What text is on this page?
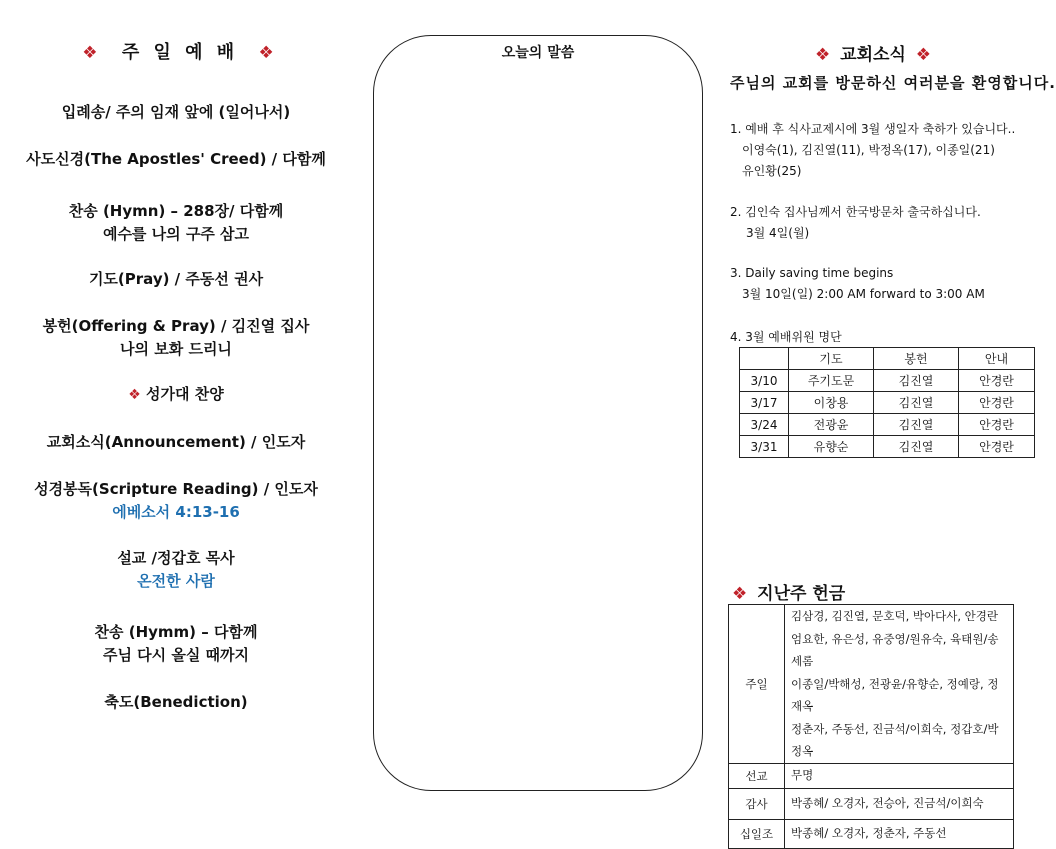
❖ 주 일 예 배 ❖
입례송/ 주의 임재 앞에 (일어나서)
사도신경(The Apostles' Creed) / 다함께
찬송 (Hymn) – 288장/ 다함께
예수를 나의 구주 삼고
기도(Pray) / 주동선 권사
봉헌(Offering & Pray) / 김진열 집사
나의 보화 드리니
❖ 성가대 찬양
교회소식(Announcement) / 인도자
성경봉독(Scripture Reading) / 인도자
에베소서 4:13-16
설교 /정갑호 목사
온전한 사람
찬송 (Hymm) – 다함께
주님 다시 올실 때까지
축도(Benediction)
오늘의 말씀	❖ 교회소식 ❖
주님의 교회를 방문하신 여러분을 환영합니다.
1. 예배 후 식사교제시에 3월 생일자 축하가 있습니다..
이영숙(1), 김진열(11), 박정옥(17), 이종일(21)
유인황(25)
2. 김인숙 집사님께서 한국방문차 출국하십니다.
3월 4일(월)
3. Daily saving time begins
3월 10일(일) 2:00 AM forward to 3:00 AM
4. 3월 예배위원 명단
	기도	봉헌	안내
3/10	주기도문	김진열	안경란
3/17	이창용	김진열	안경란
3/24	전광윤	김진열	안경란
3/31	유향순	김진열	안경란
❖ 지난주 헌금
주일	김삼경, 김진열, 문호덕, 박아다사, 안경란
엄요한, 유은성, 유중영/원유숙, 육태원/송세롬
이종일/박해성, 전광윤/유향순, 정예랑, 정재옥
정춘자, 주동선, 진금석/이희숙, 정갑호/박정옥

선교	무명

감사	박종혜/ 오경자, 전승아, 진금석/이희숙

십일조	박종혜/ 오경자, 정춘자, 주동선
